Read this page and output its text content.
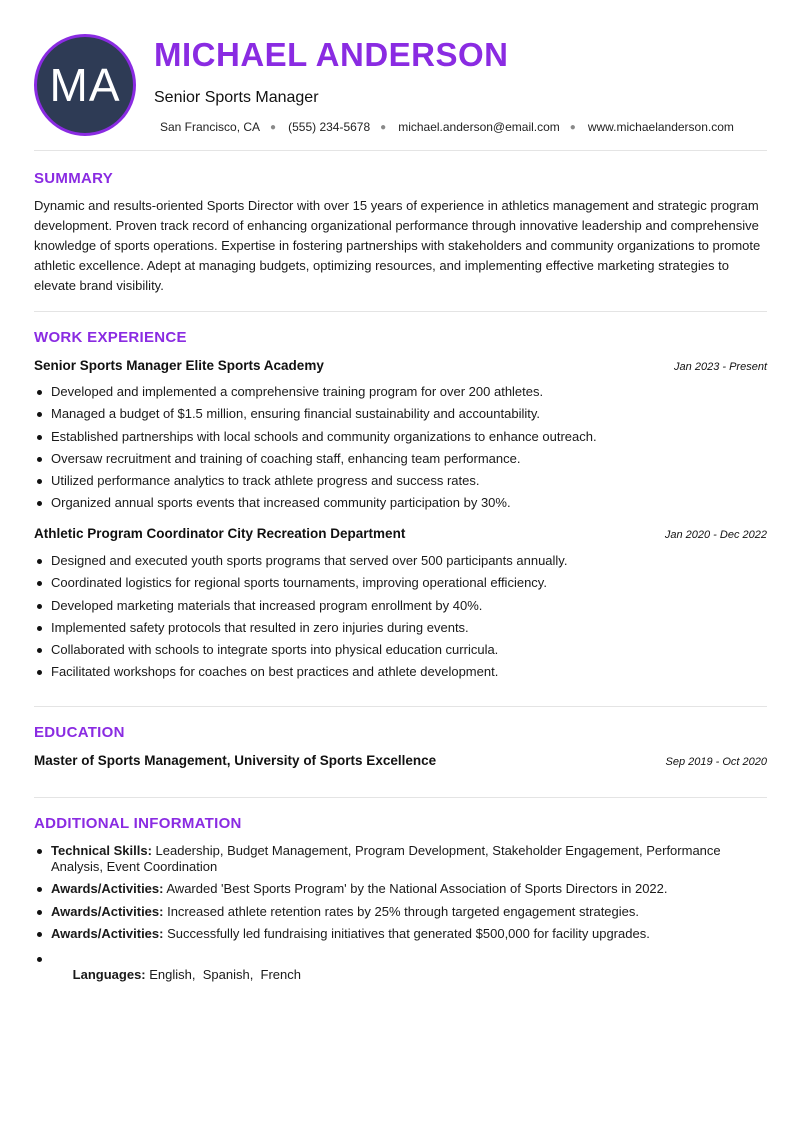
MA
MICHAEL ANDERSON
Senior Sports Manager
San Francisco, CA ● (555) 234-5678 ● michael.anderson@email.com ● www.michaelanderson.com
SUMMARY

Dynamic and results-oriented Sports Director with over 15 years of experience in athletics management and strategic program development. Proven track record of enhancing organizational performance through innovative leadership and comprehensive knowledge of sports operations. Expertise in fostering partnerships with stakeholders and community organizations to promote athletic excellence. Adept at managing budgets, optimizing resources, and implementing effective marketing strategies to elevate brand visibility.

WORK EXPERIENCE
Senior Sports Manager Elite Sports Academy	Jan 2023 - Present
Developed and implemented a comprehensive training program for over 200 athletes.
Managed a budget of $1.5 million, ensuring financial sustainability and accountability.
Established partnerships with local schools and community organizations to enhance outreach.
Oversaw recruitment and training of coaching staff, enhancing team performance.
Utilized performance analytics to track athlete progress and success rates.
Organized annual sports events that increased community participation by 30%.
Athletic Program Coordinator City Recreation Department	Jan 2020 - Dec 2022
Designed and executed youth sports programs that served over 500 participants annually.
Coordinated logistics for regional sports tournaments, improving operational efficiency.
Developed marketing materials that increased program enrollment by 40%.
Implemented safety protocols that resulted in zero injuries during events.
Collaborated with schools to integrate sports into physical education curricula.
Facilitated workshops for coaches on best practices and athlete development.
EDUCATION
Master of Sports Management, University of Sports Excellence	Sep 2019 - Oct 2020
ADDITIONAL INFORMATION
Technical Skills: Leadership, Budget Management, Program Development, Stakeholder Engagement, Performance Analysis, Event Coordination
Awards/Activities: Awarded 'Best Sports Program' by the National Association of Sports Directors in 2022.
Awards/Activities: Increased athlete retention rates by 25% through targeted engagement strategies.
Awards/Activities: Successfully led fundraising initiatives that generated $500,000 for facility upgrades.

Languages: English,  Spanish,  French
